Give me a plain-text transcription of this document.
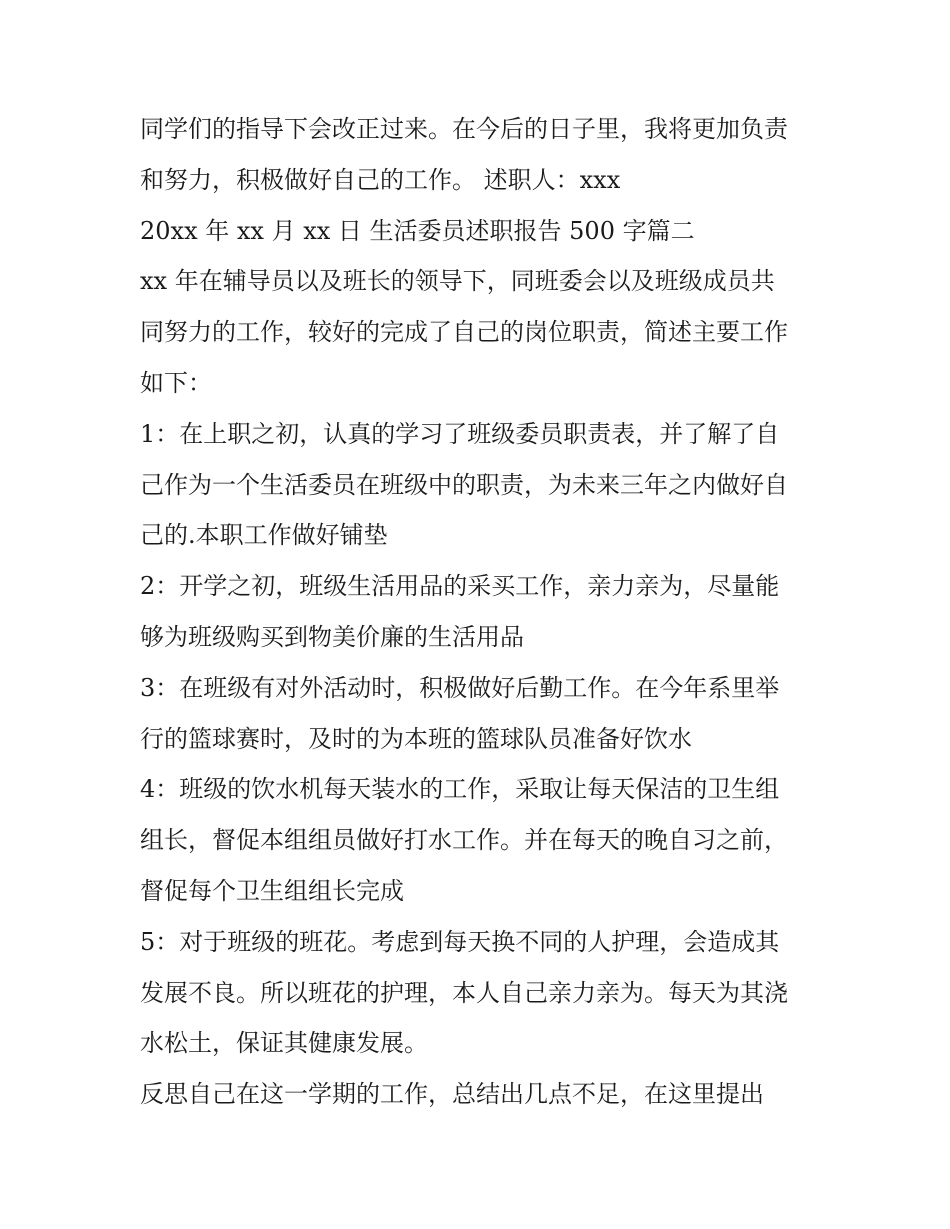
同学们的指导下会改正过来。在今后的日子里，我将更加负责
和努力，积极做好自己的工作。 述职人：xxx
20xx 年 xx 月 xx 日 生活委员述职报告 500 字篇二
xx 年在辅导员以及班长的领导下，同班委会以及班级成员共
同努力的工作，较好的完成了自己的岗位职责，简述主要工作
如下：
1：在上职之初，认真的学习了班级委员职责表，并了解了自
己作为一个生活委员在班级中的职责，为未来三年之内做好自
己的.本职工作做好铺垫
2：开学之初，班级生活用品的采买工作，亲力亲为，尽量能
够为班级购买到物美价廉的生活用品
3：在班级有对外活动时，积极做好后勤工作。在今年系里举
行的篮球赛时，及时的为本班的篮球队员准备好饮水
4：班级的饮水机每天装水的工作，采取让每天保洁的卫生组
组长，督促本组组员做好打水工作。并在每天的晚自习之前，
督促每个卫生组组长完成
5：对于班级的班花。考虑到每天换不同的人护理，会造成其
发展不良。所以班花的护理，本人自己亲力亲为。每天为其浇
水松土，保证其健康发展。
反思自己在这一学期的工作，总结出几点不足，在这里提出
